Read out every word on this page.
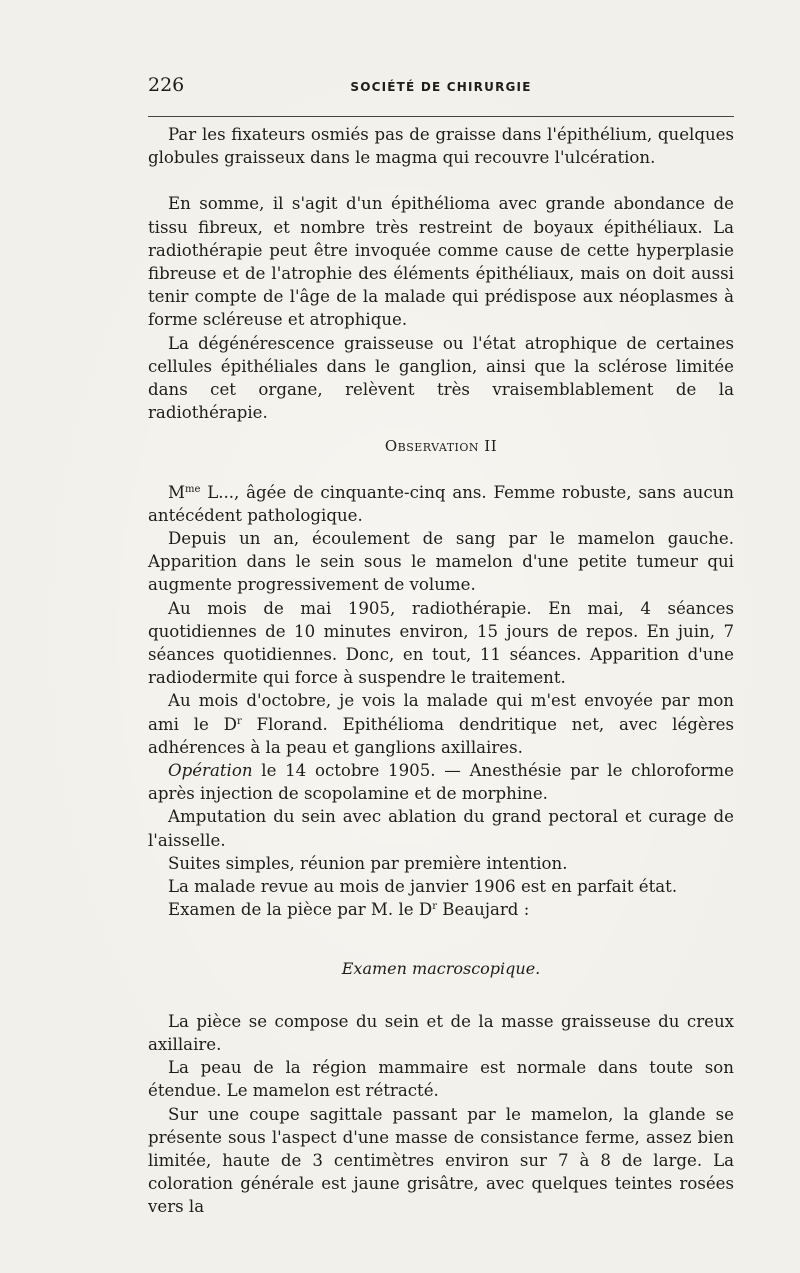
226	SOCIÉTÉ DE CHIRURGIE

Par les fixateurs osmiés pas de graisse dans l'épithélium, quelques globules graisseux dans le magma qui recouvre l'ulcération.

En somme, il s'agit d'un épithélioma avec grande abondance de tissu fibreux, et nombre très restreint de boyaux épithéliaux. La radiothérapie peut être invoquée comme cause de cette hyperplasie fibreuse et de l'atrophie des éléments épithéliaux, mais on doit aussi tenir compte de l'âge de la malade qui prédispose aux néoplasmes à forme scléreuse et atrophique.

La dégénérescence graisseuse ou l'état atrophique de certaines cellules épithéliales dans le ganglion, ainsi que la sclérose limitée dans cet organe, relèvent très vraisemblablement de la radiothérapie.

Observation II

$M^{me}$ L..., âgée de cinquante-cinq ans. Femme robuste, sans aucun antécédent pathologique.

Depuis un an, écoulement de sang par le mamelon gauche. Apparition dans le sein sous le mamelon d'une petite tumeur qui augmente progressivement de volume.

Au mois de mai 1905, radiothérapie. En mai, 4 séances quotidiennes de 10 minutes environ, 15 jours de repos. En juin, 7 séances quotidiennes. Donc, en tout, 11 séances. Apparition d'une radiodermite qui force à suspendre le traitement.

Au mois d'octobre, je vois la malade qui m'est envoyée par mon ami le $D^r$ Florand. Epithélioma dendritique net, avec légères adhérences à la peau et ganglions axillaires.

Opération le 14 octobre 1905. — Anesthésie par le chloroforme après injection de scopolamine et de morphine.

Amputation du sein avec ablation du grand pectoral et curage de l'aisselle.

Suites simples, réunion par première intention.

La malade revue au mois de janvier 1906 est en parfait état.

Examen de la pièce par M. le $D^r$ Beaujard :

Examen macroscopique.

La pièce se compose du sein et de la masse graisseuse du creux axillaire.

La peau de la région mammaire est normale dans toute son étendue. Le mamelon est rétracté.

Sur une coupe sagittale passant par le mamelon, la glande se présente sous l'aspect d'une masse de consistance ferme, assez bien limitée, haute de 3 centimètres environ sur 7 à 8 de large. La coloration générale est jaune grisâtre, avec quelques teintes rosées vers la
